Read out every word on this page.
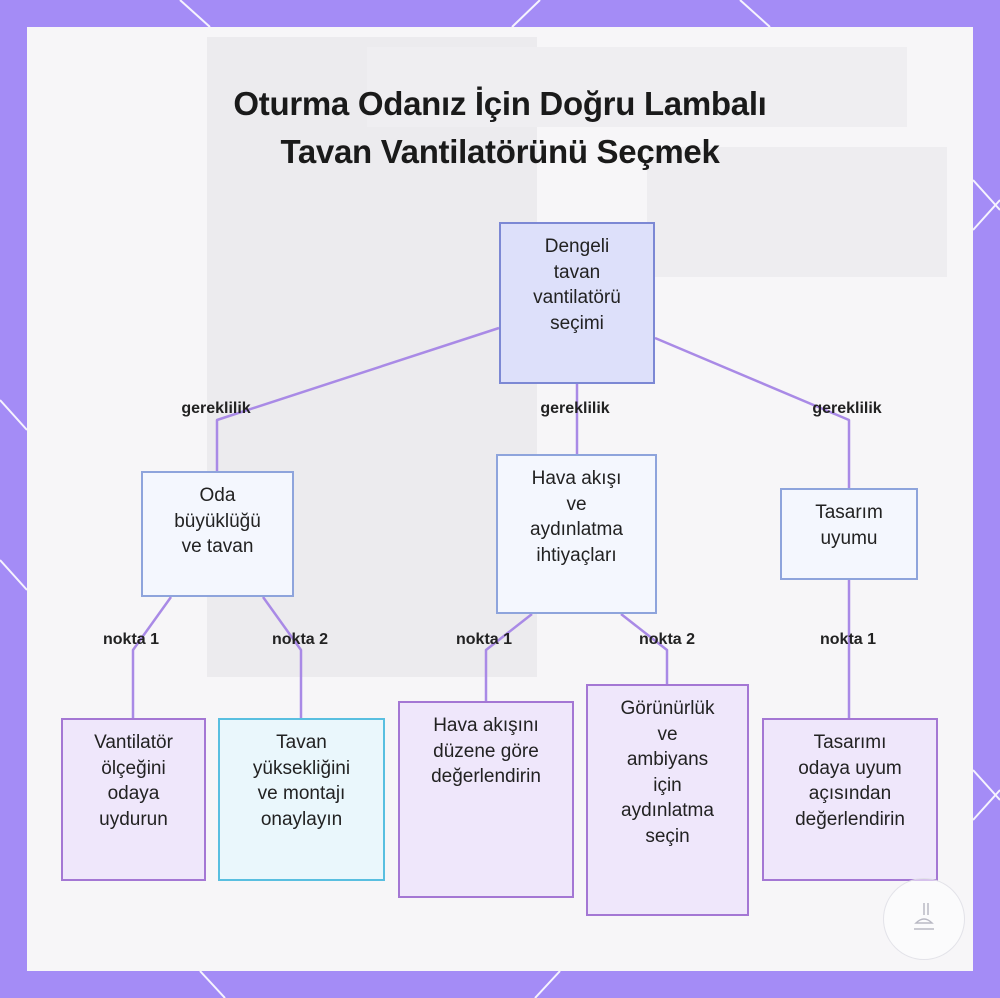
Oturma Odanız İçin Doğru Lambalı
Tavan Vantilatörünü Seçmek
Dengeli
tavan
vantilatörü
seçimi
Oda
büyüklüğü
ve tavan
Hava akışı
ve
aydınlatma
ihtiyaçları
Tasarım
uyumu
Vantilatör
ölçeğini
odaya
uydurun
Tavan
yüksekliğini
ve montajı
onaylayın
Hava akışını
düzene göre
değerlendirin
Görünürlük
ve
ambiyans
için
aydınlatma
seçin
Tasarımı
odaya uyum
açısından
değerlendirin
gereklilik	gereklilik	gereklilik
nokta 1	nokta 2	nokta 1	nokta 2	nokta 1
